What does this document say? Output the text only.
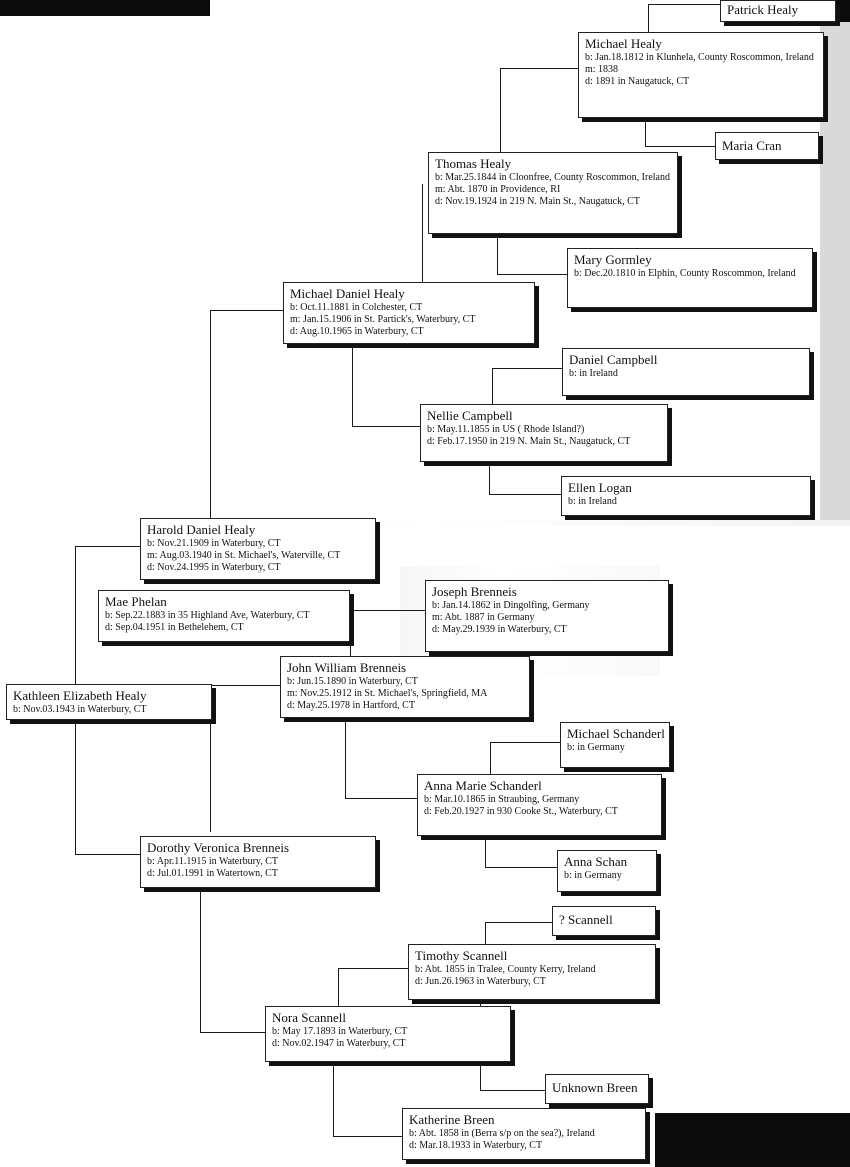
Kathleen Elizabeth Healy
b: Nov.03.1943 in Waterbury, CT
Harold Daniel Healy
b: Nov.21.1909 in Waterbury, CT
m: Aug.03.1940 in St. Michael's, Waterville, CT
d: Nov.24.1995 in Waterbury, CT
Mae Phelan
b: Sep.22.1883 in 35 Highland Ave, Waterbury, CT
d: Sep.04.1951 in Bethelehem, CT
Michael Daniel Healy
b: Oct.11.1881 in Colchester, CT
m: Jan.15.1906 in St. Partick's, Waterbury, CT
d: Aug.10.1965 in Waterbury, CT
Thomas Healy
b: Mar.25.1844 in Cloonfree, County Roscommon, Ireland
m: Abt. 1870 in Providence, RI
d: Nov.19.1924 in 219 N. Main St., Naugatuck, CT
Michael Healy
b: Jan.18.1812 in Klunhela, County Roscommon, Ireland
m: 1838
d: 1891 in Naugatuck, CT
Patrick Healy
Maria Cran
Mary Gormley
b: Dec.20.1810 in Elphin, County Roscommon, Ireland
Nellie Campbell
b: May.11.1855 in US ( Rhode Island?)
d: Feb.17.1950 in 219 N. Main St., Naugatuck, CT
Daniel Campbell
b: in Ireland
Ellen Logan
b: in Ireland
Joseph Brenneis
b: Jan.14.1862 in Dingolfing, Germany
m: Abt. 1887 in Germany
d: May.29.1939 in Waterbury, CT
John William Brenneis
b: Jun.15.1890 in Waterbury, CT
m: Nov.25.1912 in St. Michael's, Springfield, MA
d: May.25.1978 in Hartford, CT
Michael Schanderl
b: in Germany
Anna Marie Schanderl
b: Mar.10.1865 in Straubing, Germany
d: Feb.20.1927 in 930 Cooke St., Waterbury, CT
Anna Schan
b: in Germany
Dorothy Veronica Brenneis
b: Apr.11.1915 in Waterbury, CT
d: Jul.01.1991 in Watertown, CT
? Scannell
Timothy Scannell
b: Abt. 1855 in Tralee, County Kerry, Ireland
d: Jun.26.1963 in Waterbury, CT
Nora Scannell
b: May 17.1893 in Waterbury, CT
d: Nov.02.1947 in Waterbury, CT
Unknown Breen
Katherine Breen
b: Abt. 1858 in (Berra s/p on the sea?), Ireland
d: Mar.18.1933 in Waterbury, CT
